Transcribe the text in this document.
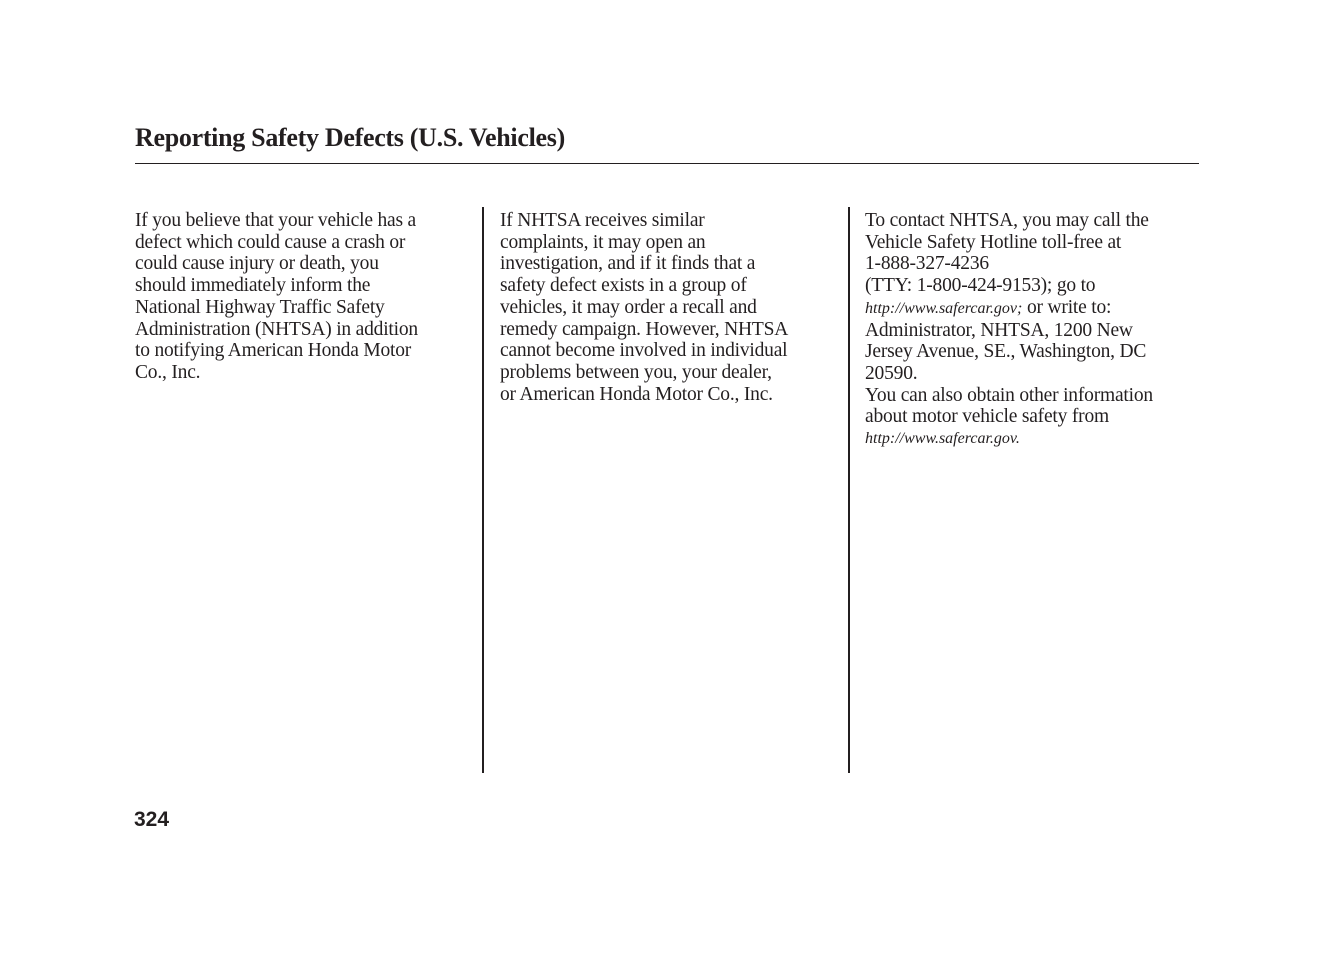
Reporting Safety Defects (U.S. Vehicles)
If you believe that your vehicle has a
defect which could cause a crash or
could cause injury or death, you
should immediately inform the
National Highway Traffic Safety
Administration (NHTSA) in addition
to notifying American Honda Motor
Co., Inc.
If NHTSA receives similar
complaints, it may open an
investigation, and if it finds that a
safety defect exists in a group of
vehicles, it may order a recall and
remedy campaign. However, NHTSA
cannot become involved in individual
problems between you, your dealer,
or American Honda Motor Co., Inc.
To contact NHTSA, you may call the
Vehicle Safety Hotline toll-free at
1-888-327-4236
(TTY: 1-800-424-9153); go to
http://www.safercar.gov; or write to:
Administrator, NHTSA, 1200 New
Jersey Avenue, SE., Washington, DC
20590.
You can also obtain other information
about motor vehicle safety from
http://www.safercar.gov.
324
